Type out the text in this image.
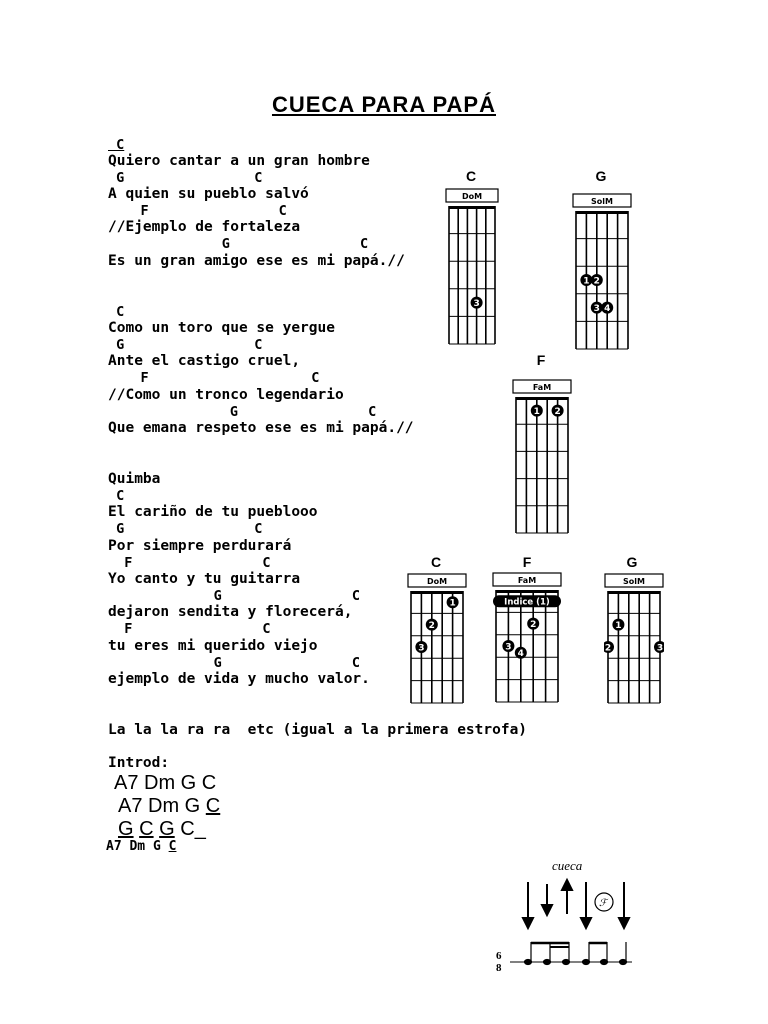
CUECA PARA PAPÁ
C
Quiero cantar a un gran hombre
G                C
A quien su pueblo salvó
F                C
//Ejemplo de fortaleza
G                C
Es un gran amigo ese es mi papá.//
C
Como un toro que se yergue
G                C
Ante el castigo cruel,
F                    C
//Como un tronco legendario
G                C
Que emana respeto ese es mi papá.//
Quimba
C
El cariño de tu pueblooo
G                C
Por siempre perdurará
F                C
Yo canto y tu guitarra
G                C
dejaron sendita y florecerá,
F                C
tu eres mi querido viejo
G                C
ejemplo de vida y mucho valor.
La la la ra ra  etc (igual a la primera estrofa)
Introd:
A7 Dm G C
A7 Dm G C
G C G C_
A7 Dm G C
C
DoM
3
G
SolM
1 2
3 4
F
FaM
1 2
C
DoM
1
2
3
F
FaM
Indice (1)
2
3
4
G
SolM
1
2	3
cueca
ℱ
6
8
